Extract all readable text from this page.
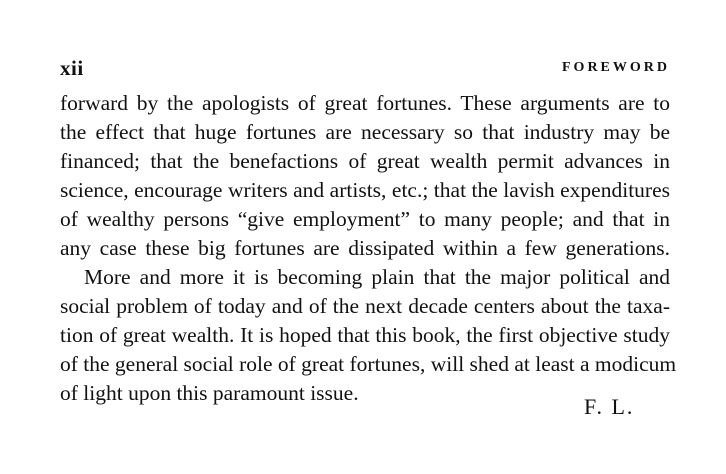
xii	FOREWORD
forward by the apologists of great fortunes. These arguments are to
the effect that huge fortunes are necessary so that industry may be
financed; that the benefactions of great wealth permit advances in
science, encourage writers and artists, etc.; that the lavish expenditures
of wealthy persons “give employment” to many people; and that in
any case these big fortunes are dissipated within a few generations.
More and more it is becoming plain that the major political and
social problem of today and of the next decade centers about the taxa-
tion of great wealth. It is hoped that this book, the first objective study
of the general social role of great fortunes, will shed at least a modicum
of light upon this paramount issue.
F. L.
